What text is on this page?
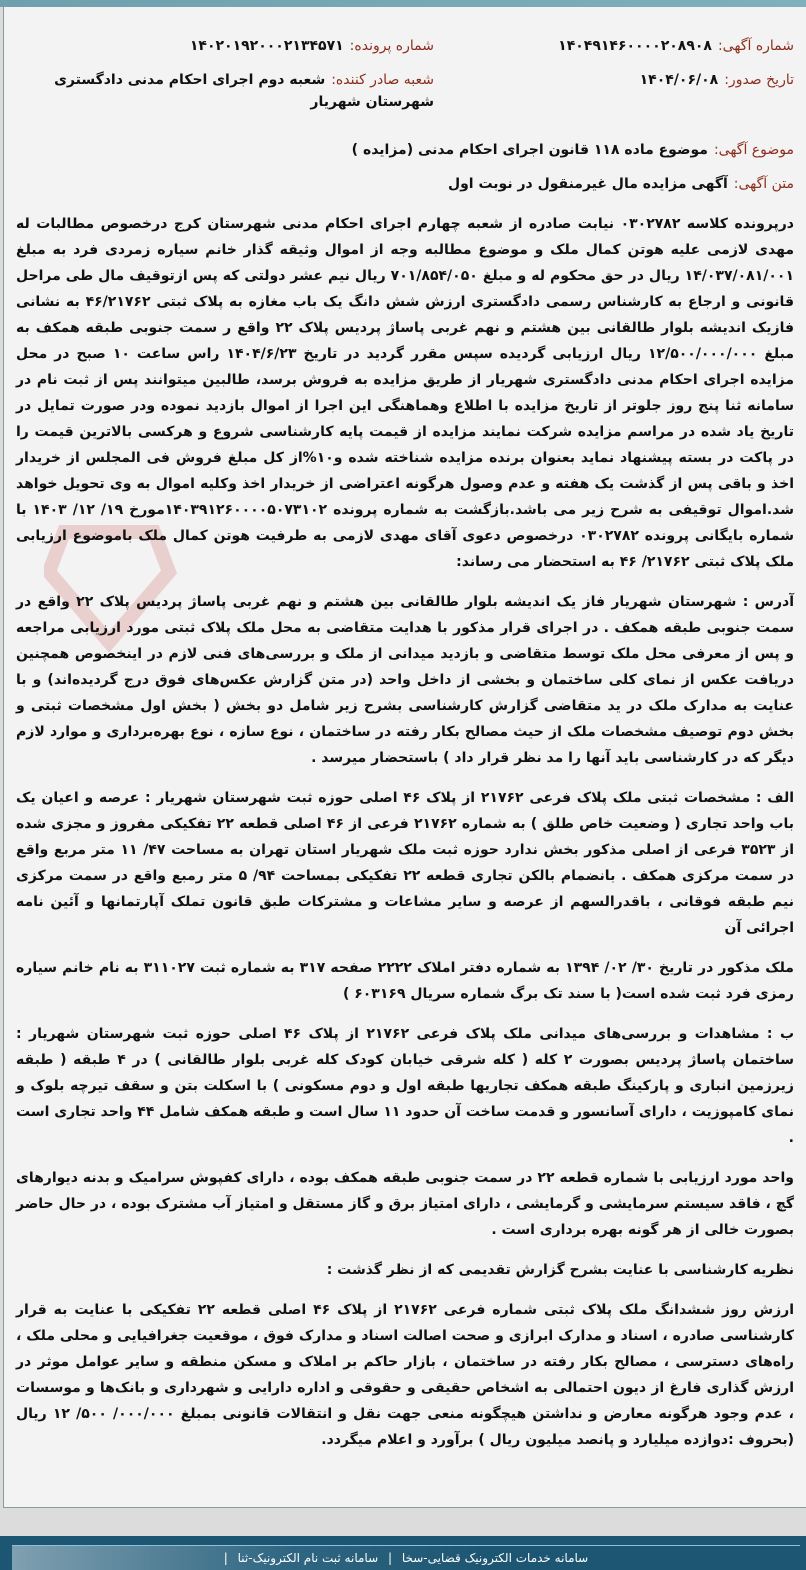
شماره آگهی:۱۴۰۴۹۱۴۶۰۰۰۰۲۰۸۹۰۸
شماره پرونده:۱۴۰۲۰۱۹۲۰۰۰۲۱۳۴۵۷۱
تاریخ صدور:۱۴۰۴/۰۶/۰۸
شعبه صادر کننده:شعبه دوم اجرای احکام مدنی دادگستری شهرستان شهریار
موضوع آگهی:موضوع ماده ۱۱۸ قانون اجرای احکام مدنی (مزایده )
متن آگهی:آگهی مزایده مال غیرمنقول در نوبت اول

درپرونده کلاسه ۰۳۰۲۷۸۲ نیابت صادره از شعبه چهارم اجرای احکام مدنی شهرستان کرج درخصوص مطالبات له مهدی لازمی علیه هوتن کمال ملک و موضوع مطالبه وجه از اموال وثیقه گذار خانم سیاره زمردی فرد به مبلغ ۱۴/۰۳۷/۰۸۱/۰۰۱ ریال در حق محکوم له و مبلغ ۷۰۱/۸۵۴/۰۵۰ ریال نیم عشر دولتی که پس ازتوقیف مال طی مراحل قانونی و ارجاع به کارشناس رسمی دادگستری ارزش شش دانگ یک باب مغازه به پلاک ثبتی ۴۶/۲۱۷۶۲ به نشانی فازیک اندیشه بلوار طالقانی بین هشتم و نهم غربی پاساژ پردیس پلاک ۲۲ واقع ر سمت جنوبی طبقه همکف به مبلغ ۱۲/۵۰۰/۰۰۰/۰۰۰ ریال ارزیابی گردیده سپس مقرر گردید در تاریخ ۱۴۰۴/۶/۲۳ راس ساعت ۱۰ صبح در محل مزایده اجرای احکام مدنی دادگستری شهریار از طریق مزایده به فروش برسد، طالبین میتوانند پس از ثبت نام در سامانه ثنا پنج روز جلوتر از تاریخ مزایده با اطلاع وهماهنگی این اجرا از اموال بازدید نموده ودر صورت تمایل در تاریخ یاد شده در مراسم مزایده شرکت نمایند مزایده از قیمت پایه کارشناسی شروع و هرکسی بالاترین قیمت را در پاکت در بسته پیشنهاد نماید بعنوان برنده مزایده شناخته شده و۱۰%از کل مبلغ فروش فی المجلس از خریدار اخذ و باقی پس از گذشت یک هفته و عدم وصول هرگونه اعتراضی از خریدار اخذ وکلیه اموال به وی تحویل خواهد شد.اموال توقیفی به شرح زیر می باشد.بازگشت به شماره پرونده ۱۴۰۳۹۱۲۶۰۰۰۰۵۰۷۳۱۰۲مورخ ۱۹/ ۱۲/ ۱۴۰۳ با شماره بایگانی پرونده ۰۳۰۲۷۸۲ درخصوص دعوی آقای مهدی لازمی به طرفیت هوتن کمال ملک باموضوع ارزیابی ملک پلاک ثبتی ۲۱۷۶۲/ ۴۶ به استحضار می رساند:

آدرس : شهرستان شهریار فاز یک اندیشه بلوار طالقانی بین هشتم و نهم غربی پاساژ پردیس پلاک ۲۲ واقع در سمت جنوبی طبقه همکف . در اجرای قرار مذکور با هدایت متقاضی به محل ملک پلاک ثبتی مورد ارزیابی مراجعه و پس از معرفی محل ملک توسط متقاضی و بازدید میدانی از ملک و بررسی‌های فنی لازم در اینخصوص همچنین دریافت عکس از نمای کلی ساختمان و بخشی از داخل واحد (در متن گزارش عکس‌های فوق درج گردیده‌اند) و با عنایت به مدارک ملک در ید متقاضی گزارش کارشناسی بشرح زیر شامل دو بخش ( بخش اول مشخصات ثبتی و بخش دوم توصیف مشخصات ملک از حیث مصالح بکار رفته در ساختمان ، نوع سازه ، نوع بهره‌برداری و موارد لازم دیگر که در کارشناسی باید آنها را مد نظر قرار داد ) باستحضار میرسد .

الف : مشخصات ثبتی ملک پلاک فرعی ۲۱۷۶۲ از پلاک ۴۶ اصلی حوزه ثبت شهرستان شهریار : عرصه و اعیان یک باب واحد تجاری ( وضعیت خاص طلق ) به شماره ۲۱۷۶۲ فرعی از ۴۶ اصلی قطعه ۲۲ تفکیکی مفروز و مجزی شده از ۳۵۲۳ فرعی از اصلی مذکور بخش ندارد حوزه ثبت ملک شهریار استان تهران به مساحت ۴۷/ ۱۱ متر مربع واقع در سمت مرکزی همکف . بانضمام بالکن تجاری قطعه ۲۲ تفکیکی بمساحت ۹۴/ ۵ متر رمبع واقع در سمت مرکزی نیم طبقه فوقانی ، باقدرالسهم از عرصه و سایر مشاعات و مشترکات طبق قانون تملک آپارتمانها و آئین نامه اجرائی آن

ملک مذکور در تاریخ ۳۰/ ۰۲/ ۱۳۹۴ به شماره دفتر املاک ۲۲۲۲ صفحه ۳۱۷ به شماره ثبت ۳۱۱۰۲۷ به نام خانم سیاره رمزی فرد ثبت شده است( با سند تک برگ شماره سریال ۶۰۳۱۶۹ )

ب : مشاهدات و بررسی‌های میدانی ملک پلاک فرعی ۲۱۷۶۲ از پلاک ۴۶ اصلی حوزه ثبت شهرستان شهریار : ساختمان پاساژ پردیس بصورت ۲ کله ( کله شرقی خیابان کودک کله غربی بلوار طالقانی ) در ۴ طبقه ( طبقه زیرزمین انباری و پارکینگ طبقه همکف تجاریها طبقه اول و دوم مسکونی ) با اسکلت بتن و سقف تیرچه بلوک و نمای کامپوزیت ، دارای آسانسور و قدمت ساخت آن حدود ۱۱ سال است و طبقه همکف شامل ۴۴ واحد تجاری است .

واحد مورد ارزیابی با شماره قطعه ۲۲ در سمت جنوبی طبقه همکف بوده ، دارای کفپوش سرامیک و بدنه دیوارهای گچ ، فاقد سیستم سرمایشی و گرمایشی ، دارای امتیاز برق و گاز مستقل و امتیاز آب مشترک بوده ، در حال حاضر بصورت خالی از هر گونه بهره برداری است .

نظریه کارشناسی با عنایت بشرح گزارش تقدیمی که از نظر گذشت :

ارزش روز ششدانگ ملک پلاک ثبتی شماره فرعی ۲۱۷۶۲ از پلاک ۴۶ اصلی قطعه ۲۲ تفکیکی با عنایت به قرار کارشناسی صادره ، اسناد و مدارک ابرازی و صحت اصالت اسناد و مدارک فوق ، موقعیت جغرافیایی و محلی ملک ، راه‌های دسترسی ، مصالح بکار رفته در ساختمان ، بازار حاکم بر املاک و مسکن منطقه و سایر عوامل موثر در ارزش گذاری فارغ از دیون احتمالی به اشخاص حقیقی و حقوقی و اداره دارایی و شهرداری و بانک‌ها و موسسات ، عدم وجود هرگونه معارض و نداشتن هیچگونه منعی جهت نقل و انتقالات قانونی بمبلغ ۰۰۰/۰۰۰/ ۵۰۰/ ۱۲ ریال (بحروف :دوازده میلیارد و پانصد میلیون ریال ) برآورد و اعلام میگردد.

سامانه خدمات الکترونیک قضایی-سخا | سامانه ثبت نام الکترونیک-ثنا |
